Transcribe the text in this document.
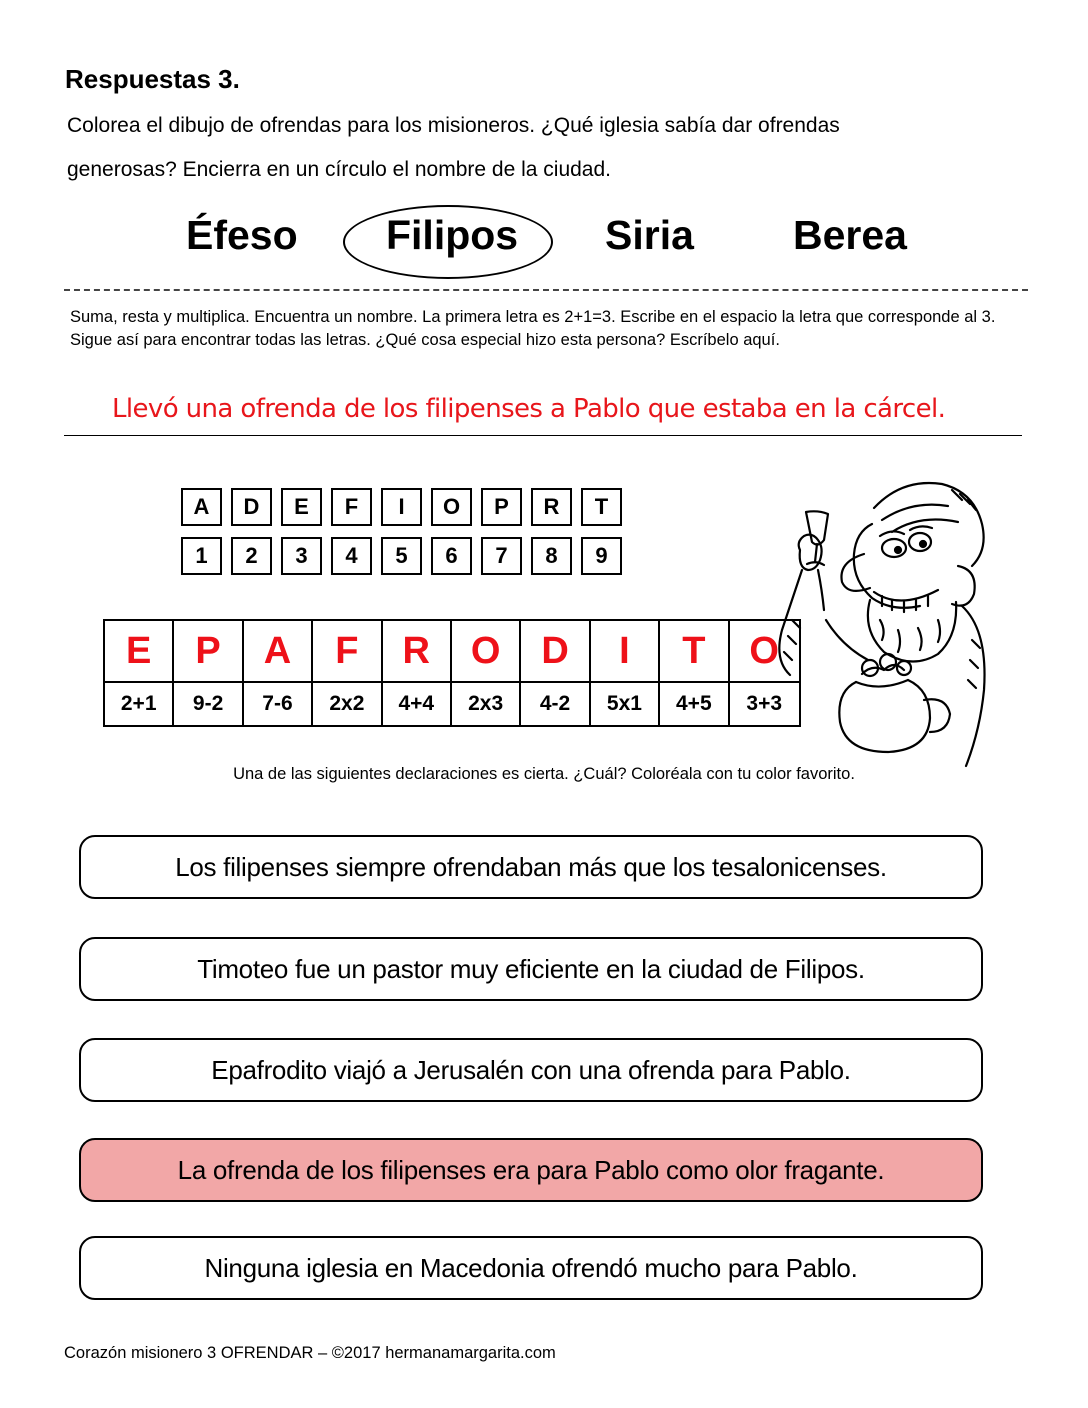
Respuestas 3.
Colorea el dibujo de ofrendas para los misioneros. ¿Qué iglesia sabía dar ofrendas
generosas? Encierra en un círculo el nombre de la ciudad.
Éfeso Filipos Siria Berea
Suma, resta y multiplica. Encuentra un nombre. La primera letra es 2+1=3. Escribe en el espacio la letra que corresponde al 3. Sigue así para encontrar todas las letras. ¿Qué cosa especial hizo esta persona? Escríbelo aquí.
Llevó una ofrenda de los filipenses a Pablo que estaba en la cárcel.
A	D	E	F	I	O	P	R	T
1	2	3	4	5	6	7	8	9
E	P	A	F	R	O	D	I	T	O
2+1	9-2	7-6	2x2	4+4	2x3	4-2	5x1	4+5	3+3
Una de las siguientes declaraciones es cierta. ¿Cuál? Coloréala con tu color favorito.
Los filipenses siempre ofrendaban más que los tesalonicenses.
Timoteo fue un pastor muy eficiente en la ciudad de Filipos.
Epafrodito viajó a Jerusalén con una ofrenda para Pablo.
La ofrenda de los filipenses era para Pablo como olor fragante.
Ninguna iglesia en Macedonia ofrendó mucho para Pablo.
Corazón misionero 3 OFRENDAR – ©2017 hermanamargarita.com
